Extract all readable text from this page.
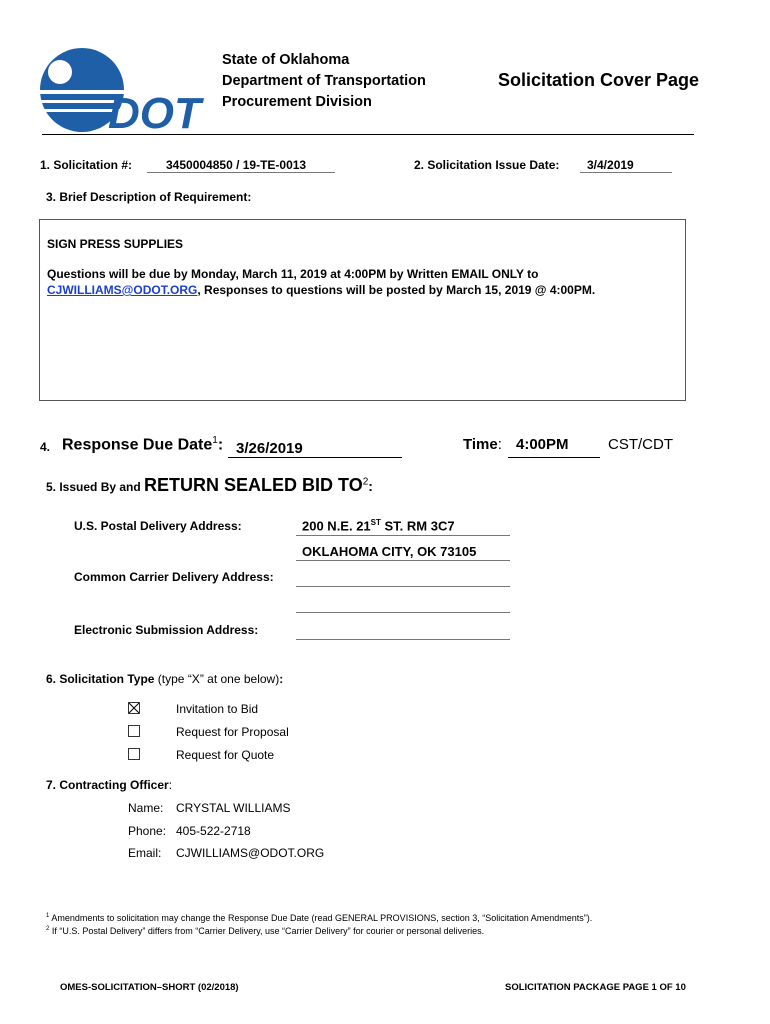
DOT
State of Oklahoma
Department of Transportation
Procurement Division
Solicitation Cover Page
1. Solicitation #:	3450004850 / 19-TE-0013	2. Solicitation Issue Date: 3/4/2019
3. Brief Description of Requirement:
SIGN PRESS SUPPLIES
Questions will be due by Monday, March 11, 2019 at 4:00PM by Written EMAIL ONLY to
CJWILLIAMS@ODOT.ORG, Responses to questions will be posted by March 15, 2019 @ 4:00PM.
4. Response Due Date$^1$: 3/26/2019	Time: 4:00PM	CST/CDT
5. Issued By and RETURN SEALED BID $TO^2$:
U.S. Postal Delivery Address:	200 N.E. 21ST ST. RM 3C7
OKLAHOMA CITY, OK 73105
Common Carrier Delivery Address:
Electronic Submission Address:
6. Solicitation Type (type “X” at one below):
Invitation to Bid
Request for Proposal
Request for Quote
7. Contracting Officer:
Name: CRYSTAL WILLIAMS
Phone: 405-522-2718
Email: CJWILLIAMS@ODOT.ORG
$^1$ Amendments to solicitation may change the Response Due Date (read GENERAL PROVISIONS, section 3, “Solicitation Amendments”).
$^2$ If “U.S. Postal Delivery” differs from “Carrier Delivery, use “Carrier Delivery” for courier or personal deliveries.
OMES-SOLICITATION–SHORT (02/2018)	SOLICITATION PACKAGE PAGE 1 OF 10
